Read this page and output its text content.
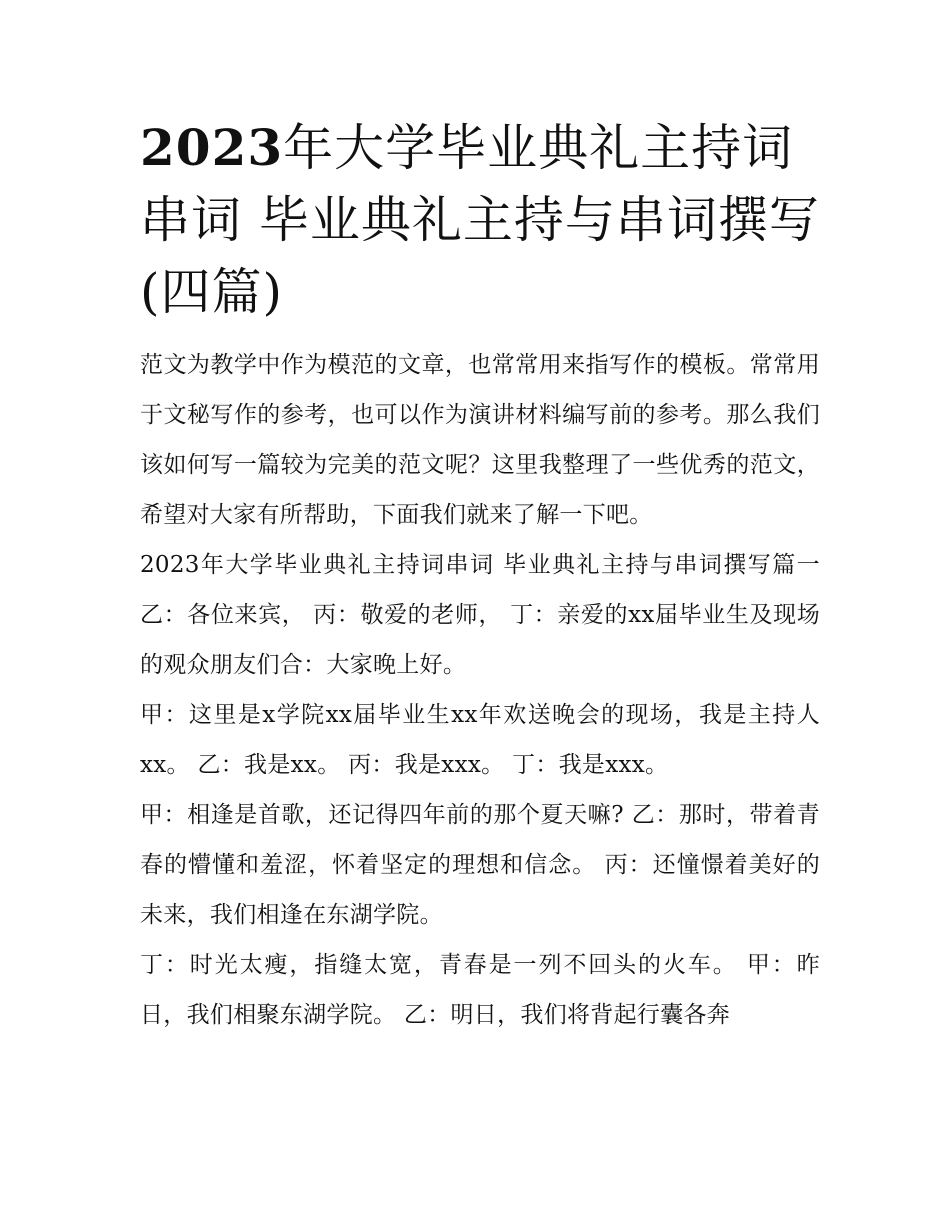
2023年大学毕业典礼主持词串词 毕业典礼主持与串词撰写(四篇)

范文为教学中作为模范的文章，也常常用来指写作的模板。常常用于文秘写作的参考，也可以作为演讲材料编写前的参考。那么我们该如何写一篇较为完美的范文呢？这里我整理了一些优秀的范文，希望对大家有所帮助，下面我们就来了解一下吧。

2023年大学毕业典礼主持词串词 毕业典礼主持与串词撰写篇一 乙：各位来宾， 丙：敬爱的老师， 丁：亲爱的xx届毕业生及现场的观众朋友们合：大家晚上好。

甲：这里是x学院xx届毕业生xx年欢送晚会的现场，我是主持人xx。 乙：我是xx。 丙：我是xxx。 丁：我是xxx。

甲：相逢是首歌，还记得四年前的那个夏天嘛? 乙：那时，带着青春的懵懂和羞涩，怀着坚定的理想和信念。 丙：还憧憬着美好的未来，我们相逢在东湖学院。

丁：时光太瘦，指缝太宽，青春是一列不回头的火车。 甲：昨日，我们相聚东湖学院。 乙：明日，我们将背起行囊各奔
